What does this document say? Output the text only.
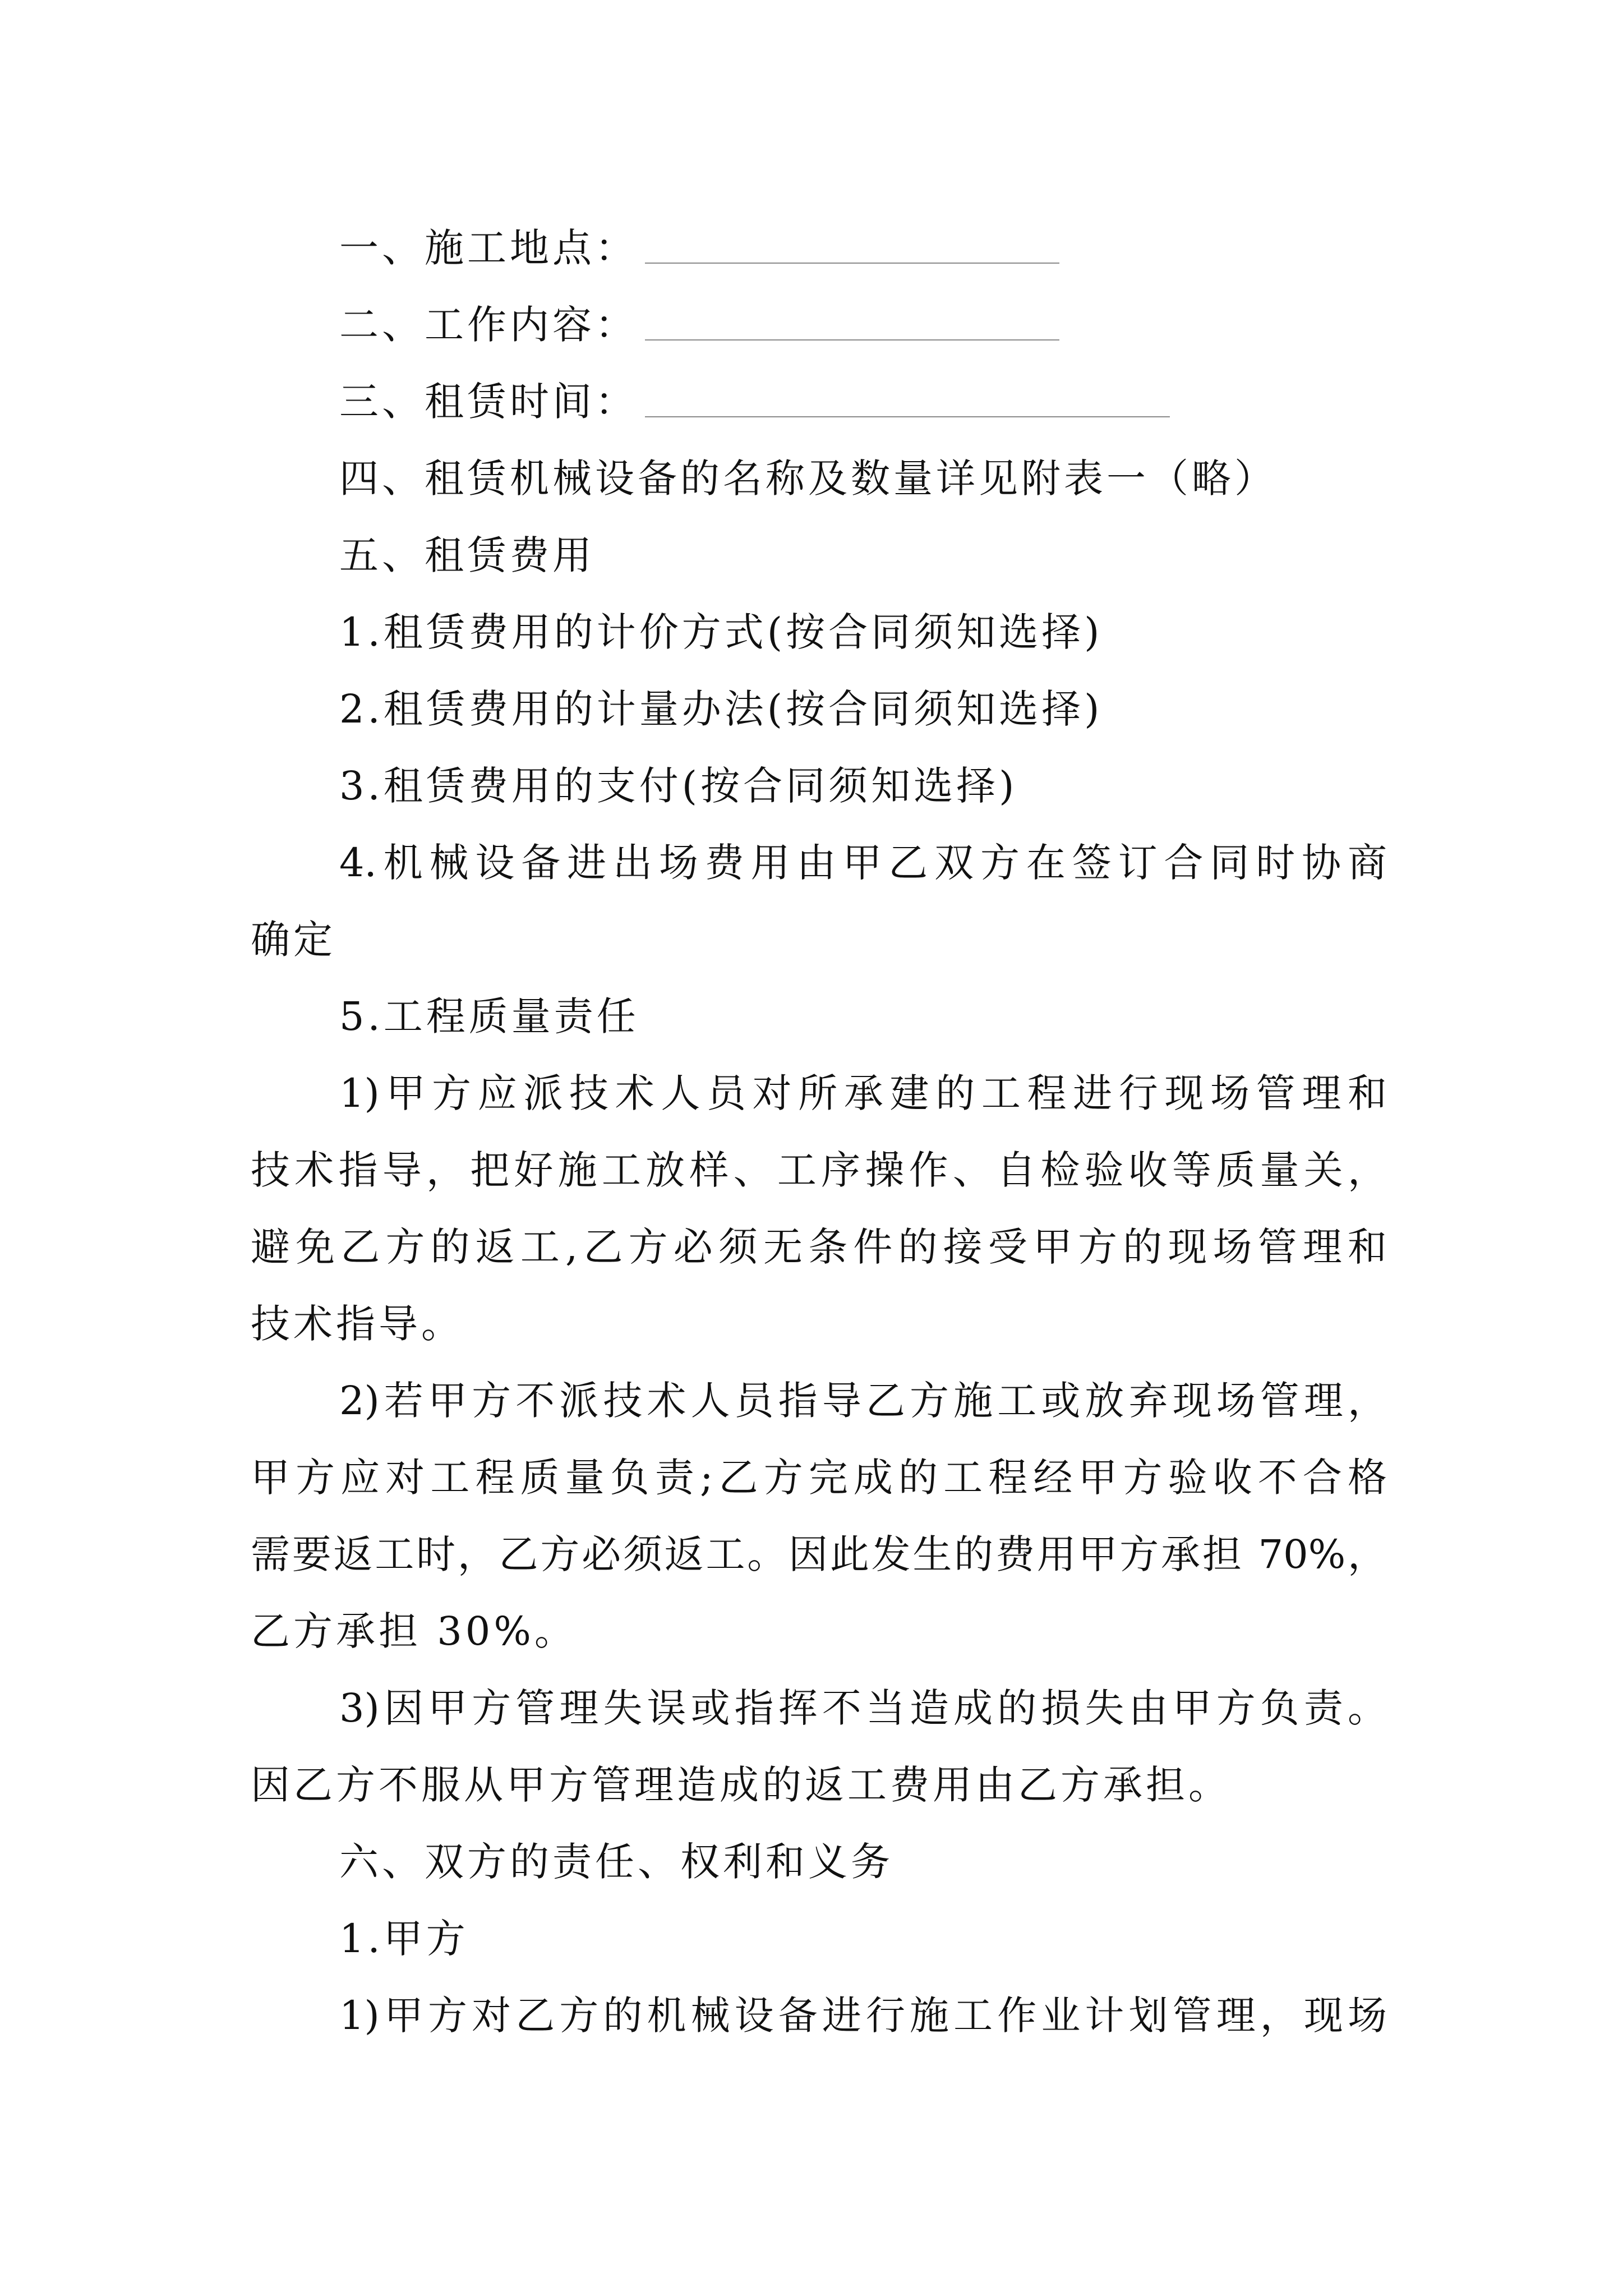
一、施工地点：
二、工作内容：
三、租赁时间：
四、租赁机械设备的名称及数量详见附表一（略）
五、租赁费用
1.租赁费用的计价方式(按合同须知选择)
2.租赁费用的计量办法(按合同须知选择)
3.租赁费用的支付(按合同须知选择)
4.机械设备进出场费用由甲乙双方在签订合同时协商
确定
5.工程质量责任
1)甲方应派技术人员对所承建的工程进行现场管理和
技术指导，把好施工放样、工序操作、自检验收等质量关，
避免乙方的返工,乙方必须无条件的接受甲方的现场管理和
技术指导。
2)若甲方不派技术人员指导乙方施工或放弃现场管理，
甲方应对工程质量负责;乙方完成的工程经甲方验收不合格
需要返工时，乙方必须返工。因此发生的费用甲方承担 70%，
乙方承担 30%。
3)因甲方管理失误或指挥不当造成的损失由甲方负责。
因乙方不服从甲方管理造成的返工费用由乙方承担。
六、双方的责任、权利和义务
1.甲方
1)甲方对乙方的机械设备进行施工作业计划管理，现场
